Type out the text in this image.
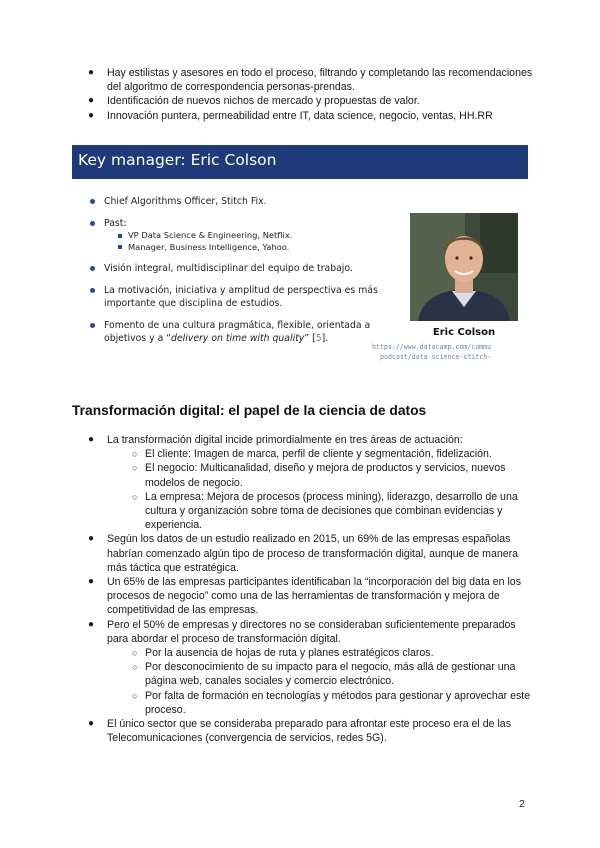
● Hay estilistas y asesores en todo el proceso, filtrando y completando las recomendaciones del algoritmo de correspondencia personas-prendas.
● Identificación de nuevos nichos de mercado y propuestas de valor.
● Innovación puntera, permeabilidad entre IT, data science, negocio, ventas, HH.RR
Key manager: Eric Colson
Chief Algorithms Officer, Stitch Fix.
Past:
VP Data Science & Engineering, Netflix.
Manager, Business Intelligence, Yahoo.
Visión integral, multidisciplinar del equipo de trabajo.
La motivación, iniciativa y amplitud de perspectiva es más importante que disciplina de estudios.
Fomento de una cultura pragmática, flexible, orientada a objetivos y a “delivery on time with quality” [5].
Eric Colson
https://www.datacamp.com/commu
podcast/data-science-stitch-
Transformación digital: el papel de la ciencia de datos
● La transformación digital incide primordialmente en tres áreas de actuación:
○ El cliente: Imagen de marca, perfil de cliente y segmentación, fidelización.
○ El negocio: Multicanalidad, diseño y mejora de productos y servicios, nuevos modelos de negocio.
○ La empresa: Mejora de procesos (process mining), liderazgo, desarrollo de una cultura y organización sobre toma de decisiones que combinan evidencias y experiencia.
● Según los datos de un estudio realizado en 2015, un 69% de las empresas españolas habrían comenzado algún tipo de proceso de transformación digital, aunque de manera más táctica que estratégica.
● Un 65% de las empresas participantes identificaban la “incorporación del big data en los procesos de negocio” como una de las herramientas de transformación y mejora de competitividad de las empresas.
● Pero el 50% de empresas y directores no se consideraban suficientemente preparados para abordar el proceso de transformación digital.
○ Por la ausencia de hojas de ruta y planes estratégicos claros.
○ Por desconocimiento de su impacto para el negocio, más allá de gestionar una página web, canales sociales y comercio electrónico.
○ Por falta de formación en tecnologías y métodos para gestionar y aprovechar este proceso.
● El único sector que se consideraba preparado para afrontar este proceso era el de las Telecomunicaciones (convergencia de servicios, redes 5G).
2
